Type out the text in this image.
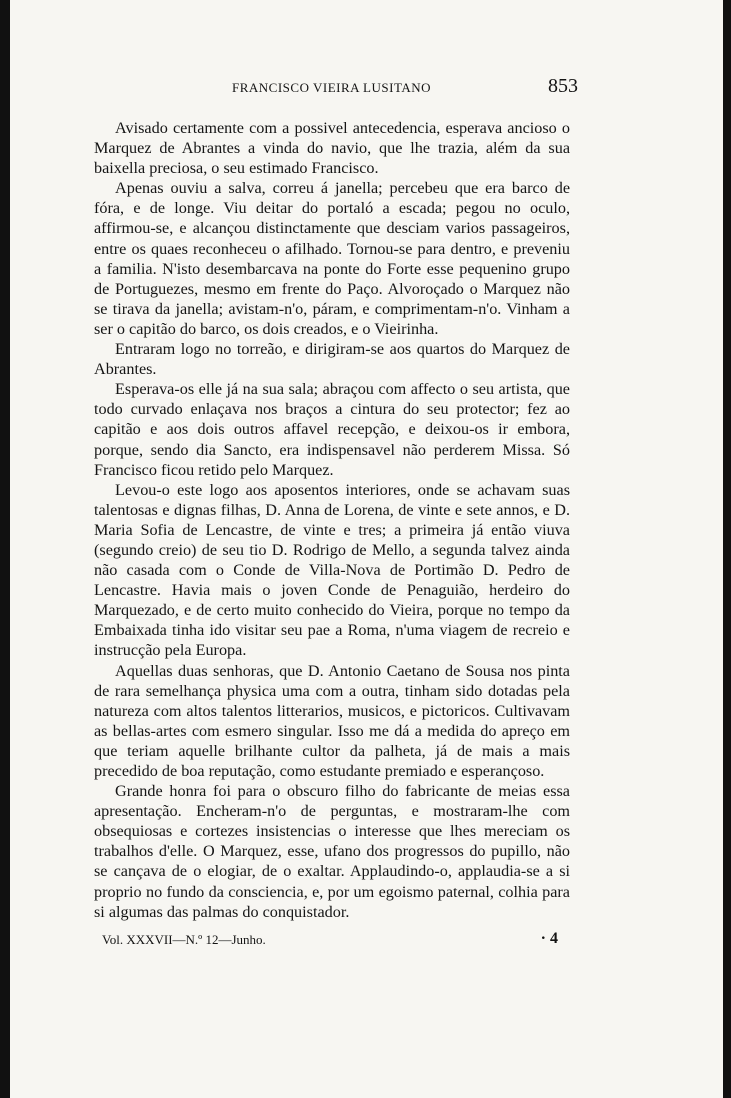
FRANCISCO VIEIRA LUSITANO	853

Avisado certamente com a possivel antecedencia, esperava ancioso o Marquez de Abrantes a vinda do navio, que lhe trazia, além da sua baixella preciosa, o seu estimado Francisco.

Apenas ouviu a salva, correu á janella; percebeu que era barco de fóra, e de longe. Viu deitar do portaló a escada; pegou no oculo, affirmou-se, e alcançou distinctamente que desciam varios passageiros, entre os quaes reconheceu o afilhado. Tornou-se para dentro, e preveniu a familia. N'isto desembarcava na ponte do Forte esse pequenino grupo de Portuguezes, mesmo em frente do Paço. Alvoroçado o Marquez não se tirava da janella; avistam-n'o, páram, e comprimentam-n'o. Vinham a ser o capitão do barco, os dois creados, e o Vieirinha.

Entraram logo no torreão, e dirigiram-se aos quartos do Marquez de Abrantes.

Esperava-os elle já na sua sala; abraçou com affecto o seu artista, que todo curvado enlaçava nos braços a cintura do seu protector; fez ao capitão e aos dois outros affavel recepção, e deixou-os ir embora, porque, sendo dia Sancto, era indispensavel não perderem Missa. Só Francisco ficou retido pelo Marquez.

Levou-o este logo aos aposentos interiores, onde se achavam suas talentosas e dignas filhas, D. Anna de Lorena, de vinte e sete annos, e D. Maria Sofia de Lencastre, de vinte e tres; a primeira já então viuva (segundo creio) de seu tio D. Rodrigo de Mello, a segunda talvez ainda não casada com o Conde de Villa-Nova de Portimão D. Pedro de Lencastre. Havia mais o joven Conde de Penaguião, herdeiro do Marquezado, e de certo muito conhecido do Vieira, porque no tempo da Embaixada tinha ido visitar seu pae a Roma, n'uma viagem de recreio e instrucção pela Europa.

Aquellas duas senhoras, que D. Antonio Caetano de Sousa nos pinta de rara semelhança physica uma com a outra, tinham sido dotadas pela natureza com altos talentos litterarios, musicos, e pictoricos. Cultivavam as bellas-artes com esmero singular. Isso me dá a medida do apreço em que teriam aquelle brilhante cultor da palheta, já de mais a mais precedido de boa reputação, como estudante premiado e esperançoso.

Grande honra foi para o obscuro filho do fabricante de meias essa apresentação. Encheram-n'o de perguntas, e mostraram-lhe com obsequiosas e cortezes insistencias o interesse que lhes mereciam os trabalhos d'elle. O Marquez, esse, ufano dos progressos do pupillo, não se cançava de o elogiar, de o exaltar. Applaudindo-o, applaudia-se a si proprio no fundo da consciencia, e, por um egoismo paternal, colhia para si algumas das palmas do conquistador.

Vol. XXXVII—N.º 12—Junho.	· 4
